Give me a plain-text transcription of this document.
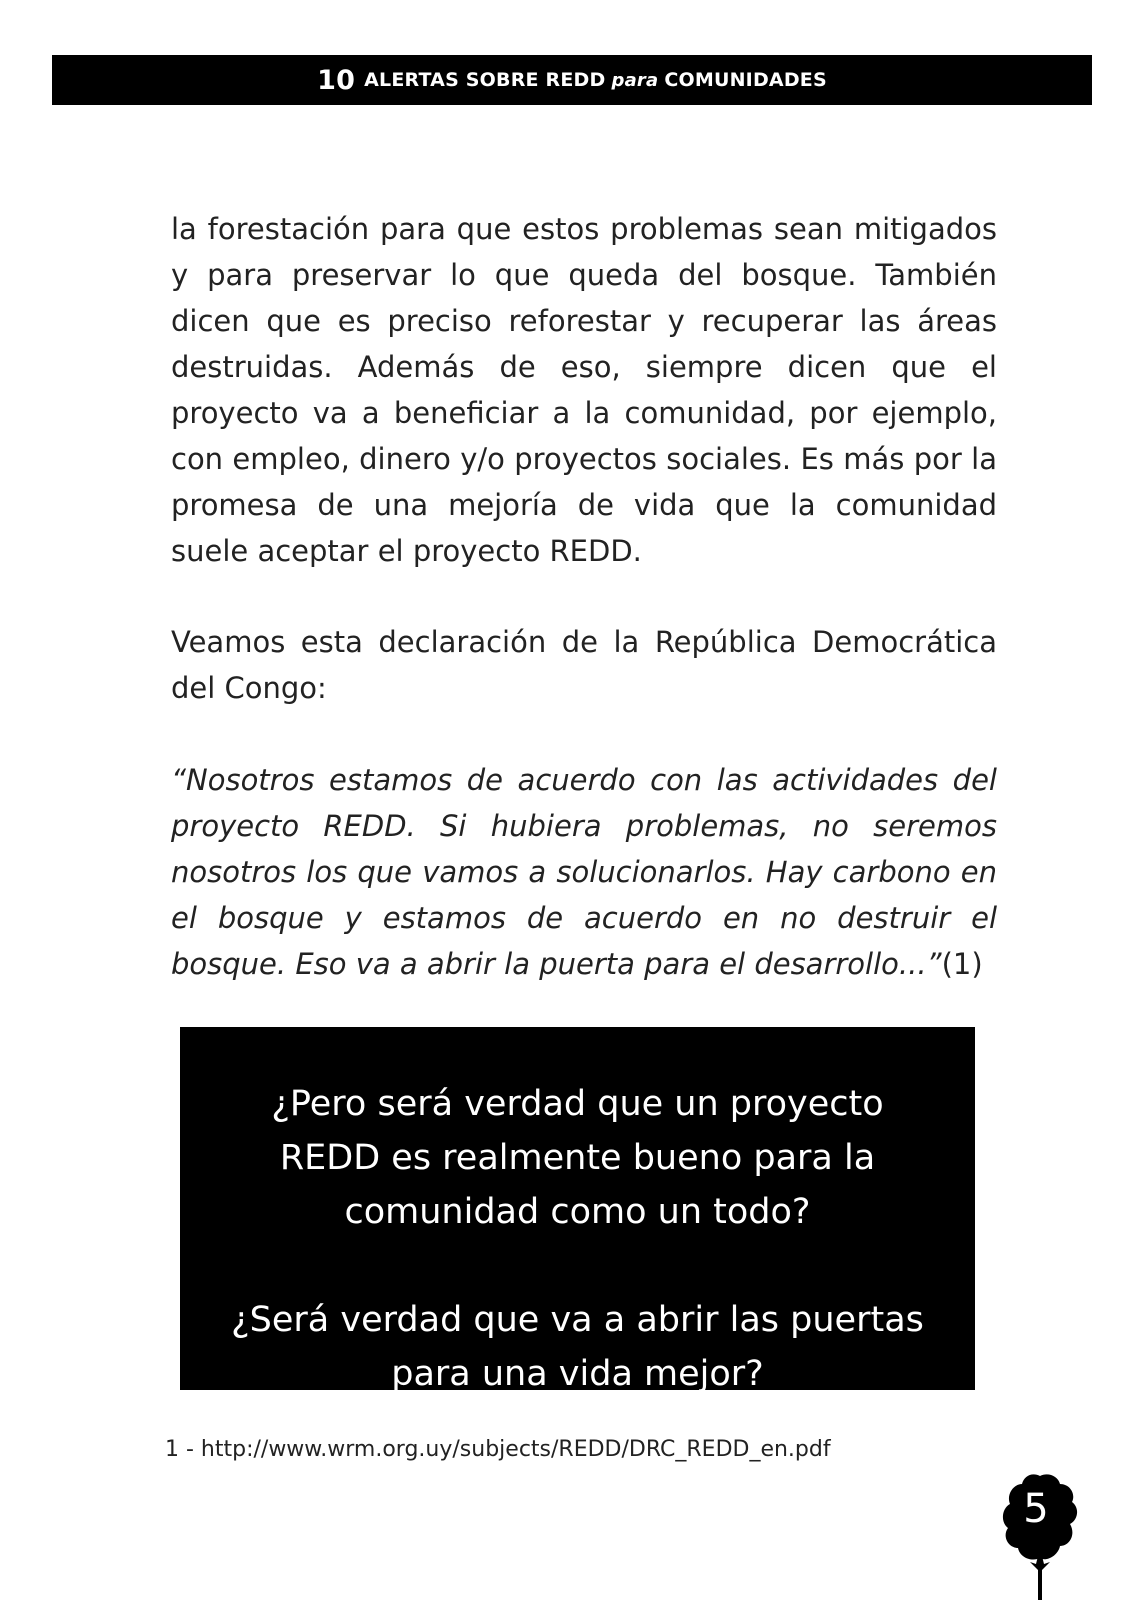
10 ALERTAS SOBRE REDD para COMUNIDADES

la forestación para que estos problemas sean mitigados y para preservar lo que queda del bosque. También dicen que es preciso reforestar y recuperar las áreas destruidas. Además de eso, siempre dicen que el proyecto va a beneficiar a la comunidad, por ejemplo, con empleo, dinero y/o proyectos sociales. Es más por la promesa de una mejoría de vida que la comunidad suele aceptar el proyecto REDD.

Veamos esta declaración de la República Democrática del Congo:

“Nosotros estamos de acuerdo con las actividades del proyecto REDD. Si hubiera problemas, no seremos nosotros los que vamos a solucionarlos. Hay carbono en el bosque y estamos de acuerdo en no destruir el bosque. Eso va a abrir la puerta para el desarrollo...”(1)

¿Pero será verdad que un proyecto REDD es realmente bueno para la comunidad como un todo?

¿Será verdad que va a abrir las puertas para una vida mejor?

1 - http://www.wrm.org.uy/subjects/REDD/DRC_REDD_en.pdf
5
